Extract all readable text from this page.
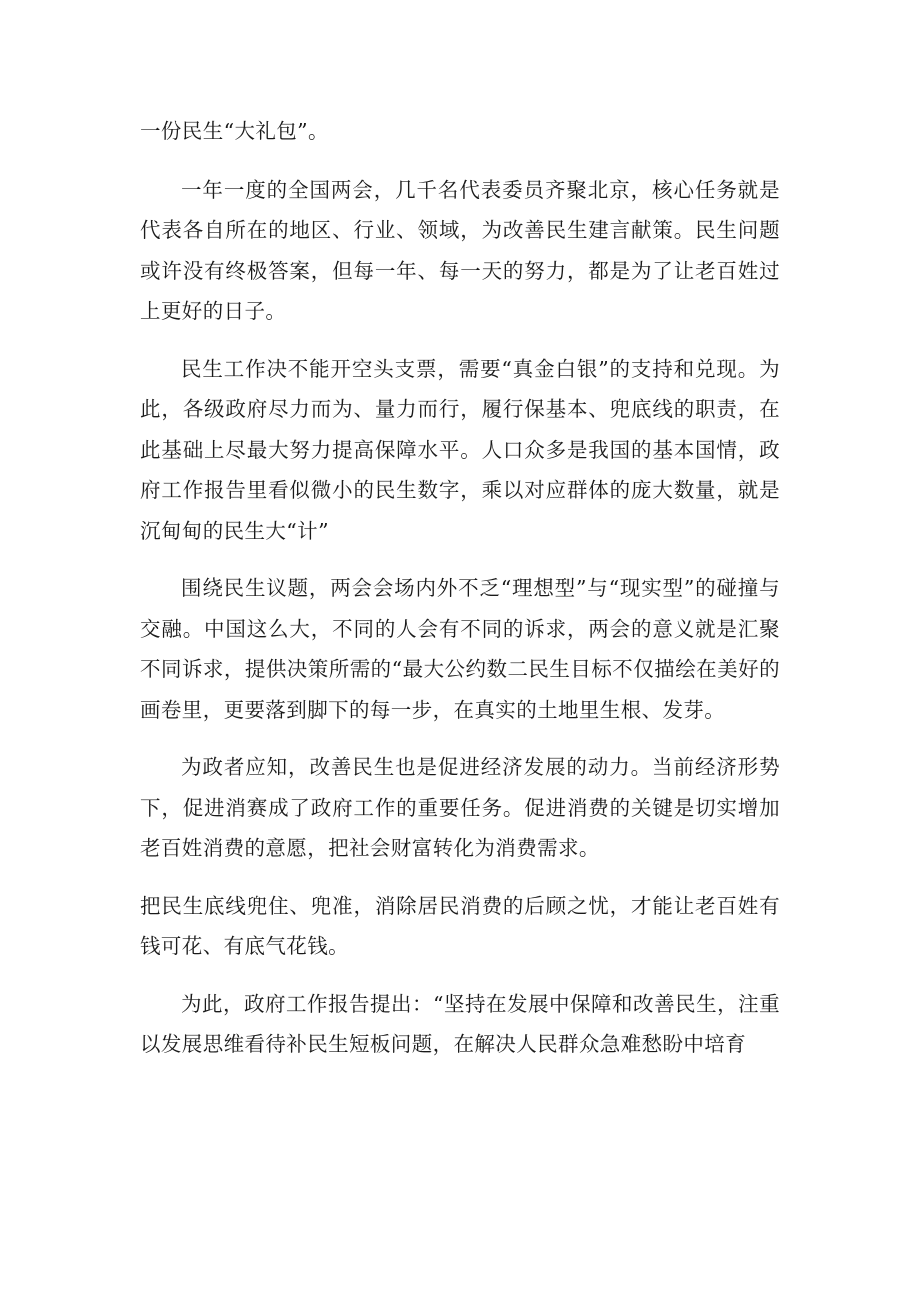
一份民生“大礼包”。

一年一度的全国两会，几千名代表委员齐聚北京，核心任务就是代表各自所在的地区、行业、领域，为改善民生建言献策。民生问题或许没有终极答案，但每一年、每一天的努力，都是为了让老百姓过上更好的日子。

民生工作决不能开空头支票，需要“真金白银”的支持和兑现。为此，各级政府尽力而为、量力而行，履行保基本、兜底线的职责，在此基础上尽最大努力提高保障水平。人口众多是我国的基本国情，政府工作报告里看似微小的民生数字，乘以对应群体的庞大数量，就是沉甸甸的民生大“计”

围绕民生议题，两会会场内外不乏“理想型”与“现实型”的碰撞与交融。中国这么大，不同的人会有不同的诉求，两会的意义就是汇聚不同诉求，提供决策所需的“最大公约数二民生目标不仅描绘在美好的画卷里，更要落到脚下的每一步，在真实的土地里生根、发芽。

为政者应知，改善民生也是促进经济发展的动力。当前经济形势下，促进消赛成了政府工作的重要任务。促进消费的关键是切实增加老百姓消费的意愿，把社会财富转化为消费需求。

把民生底线兜住、兜准，消除居民消费的后顾之忧，才能让老百姓有钱可花、有底气花钱。

为此，政府工作报告提出：“坚持在发展中保障和改善民生，注重以发展思维看待补民生短板问题，在解决人民群众急难愁盼中培育
